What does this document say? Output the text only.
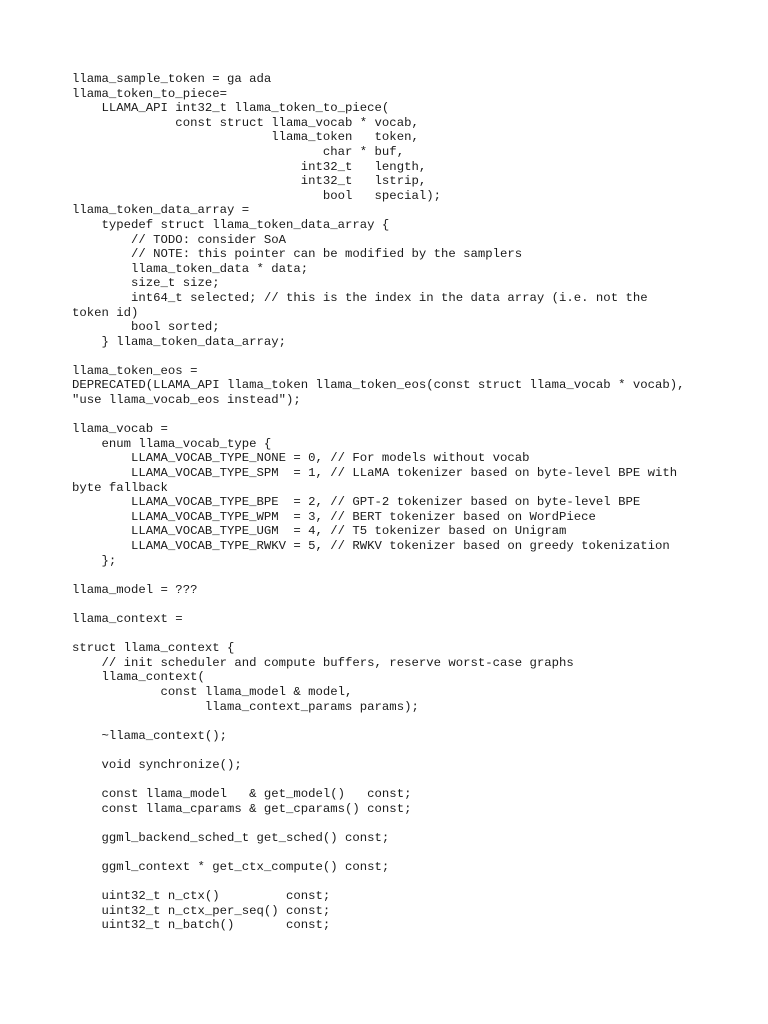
llama_sample_token = ga ada
llama_token_to_piece=
LLAMA_API int32_t llama_token_to_piece(
const struct llama_vocab * vocab,
llama_token   token,
char * buf,
int32_t   length,
int32_t   lstrip,
bool   special);
llama_token_data_array =
typedef struct llama_token_data_array {
// TODO: consider SoA
// NOTE: this pointer can be modified by the samplers
llama_token_data * data;
size_t size;
int64_t selected; // this is the index in the data array (i.e. not the
token id)
bool sorted;
} llama_token_data_array;
llama_token_eos =
DEPRECATED(LLAMA_API llama_token llama_token_eos(const struct llama_vocab * vocab),
"use llama_vocab_eos instead");
llama_vocab =
enum llama_vocab_type {
LLAMA_VOCAB_TYPE_NONE = 0, // For models without vocab
LLAMA_VOCAB_TYPE_SPM  = 1, // LLaMA tokenizer based on byte-level BPE with
byte fallback
LLAMA_VOCAB_TYPE_BPE  = 2, // GPT-2 tokenizer based on byte-level BPE
LLAMA_VOCAB_TYPE_WPM  = 3, // BERT tokenizer based on WordPiece
LLAMA_VOCAB_TYPE_UGM  = 4, // T5 tokenizer based on Unigram
LLAMA_VOCAB_TYPE_RWKV = 5, // RWKV tokenizer based on greedy tokenization
};
llama_model = ???
llama_context =
struct llama_context {
// init scheduler and compute buffers, reserve worst-case graphs
llama_context(
const llama_model & model,
llama_context_params params);
~llama_context();
void synchronize();
const llama_model   & get_model()   const;
const llama_cparams & get_cparams() const;
ggml_backend_sched_t get_sched() const;
ggml_context * get_ctx_compute() const;
uint32_t n_ctx()         const;
uint32_t n_ctx_per_seq() const;
uint32_t n_batch()       const;
